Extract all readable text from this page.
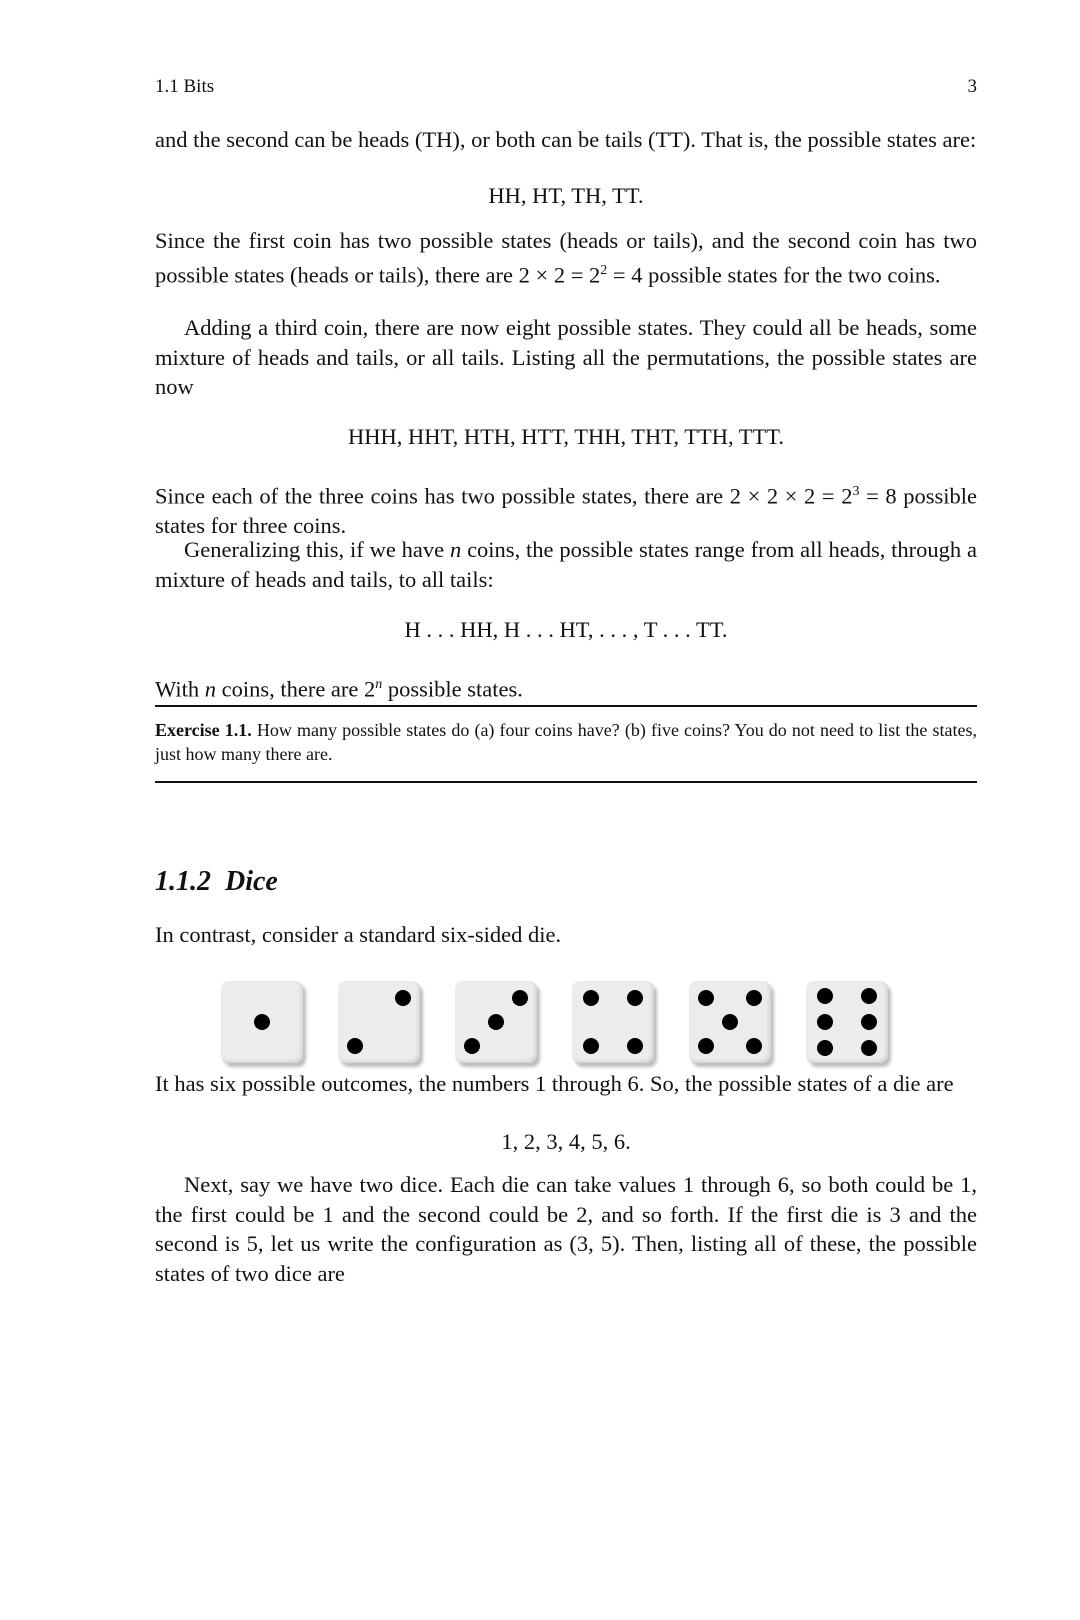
1.1 Bits	3

and the second can be heads (TH), or both can be tails (TT). That is, the possible states are:

HH, HT, TH, TT.

Since the first coin has two possible states (heads or tails), and the second coin has two possible states (heads or tails), there are $2 \times 2 = 2^2 = 4$ possible states for the two coins.

Adding a third coin, there are now eight possible states. They could all be heads, some mixture of heads and tails, or all tails. Listing all the permutations, the possible states are now

HHH, HHT, HTH, HTT, THH, THT, TTH, TTT.

Since each of the three coins has two possible states, there are $2 \times 2 \times 2 = 2^3 = 8$ possible states for three coins.

Generalizing this, if we have n coins, the possible states range from all heads, through a mixture of heads and tails, to all tails:

H . . . HH, H . . . HT, . . . , T . . . TT.

With n coins, there are 2$^n$ possible states.

Exercise 1.1. How many possible states do (a) four coins have? (b) five coins? You do not need to list the states, just how many there are.

1.1.2 Dice

In contrast, consider a standard six-sided die.

It has six possible outcomes, the numbers 1 through 6. So, the possible states of a die are

1, 2, 3, 4, 5, 6.

Next, say we have two dice. Each die can take values 1 through 6, so both could be 1, the first could be 1 and the second could be 2, and so forth. If the first die is 3 and the second is 5, let us write the configuration as (3, 5). Then, listing all of these, the possible states of two dice are
